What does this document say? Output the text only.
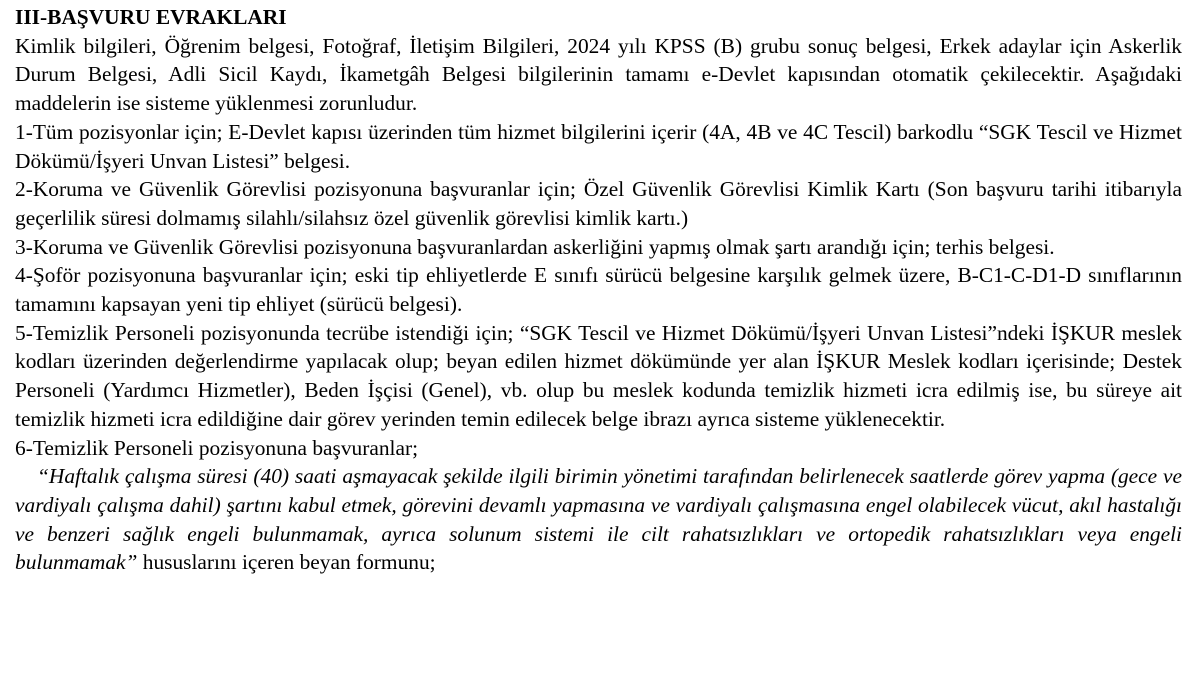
III-BAŞVURU EVRAKLARI

Kimlik bilgileri, Öğrenim belgesi, Fotoğraf, İletişim Bilgileri, 2024 yılı KPSS (B) grubu sonuç belgesi, Erkek adaylar için Askerlik Durum Belgesi, Adli Sicil Kaydı, İkametgâh Belgesi bilgilerinin tamamı e-Devlet kapısından otomatik çekilecektir. Aşağıdaki maddelerin ise sisteme yüklenmesi zorunludur.

1-Tüm pozisyonlar için; E-Devlet kapısı üzerinden tüm hizmet bilgilerini içerir (4A, 4B ve 4C Tescil) barkodlu “SGK Tescil ve Hizmet Dökümü/İşyeri Unvan Listesi” belgesi.

2-Koruma ve Güvenlik Görevlisi pozisyonuna başvuranlar için; Özel Güvenlik Görevlisi Kimlik Kartı (Son başvuru tarihi itibarıyla geçerlilik süresi dolmamış silahlı/silahsız özel güvenlik görevlisi kimlik kartı.)

3-Koruma ve Güvenlik Görevlisi pozisyonuna başvuranlardan askerliğini yapmış olmak şartı arandığı için; terhis belgesi.

4-Şoför pozisyonuna başvuranlar için; eski tip ehliyetlerde E sınıfı sürücü belgesine karşılık gelmek üzere, B-C1-C-D1-D sınıflarının tamamını kapsayan yeni tip ehliyet (sürücü belgesi).

5-Temizlik Personeli pozisyonunda tecrübe istendiği için; “SGK Tescil ve Hizmet Dökümü/İşyeri Unvan Listesi”ndeki İŞKUR meslek kodları üzerinden değerlendirme yapılacak olup; beyan edilen hizmet dökümünde yer alan İŞKUR Meslek kodları içerisinde; Destek Personeli (Yardımcı Hizmetler), Beden İşçisi (Genel), vb. olup bu meslek kodunda temizlik hizmeti icra edilmiş ise, bu süreye ait temizlik hizmeti icra edildiğine dair görev yerinden temin edilecek belge ibrazı ayrıca sisteme yüklenecektir.

6-Temizlik Personeli pozisyonuna başvuranlar;

“Haftalık çalışma süresi (40) saati aşmayacak şekilde ilgili birimin yönetimi tarafından belirlenecek saatlerde görev yapma (gece ve vardiyalı çalışma dahil) şartını kabul etmek, görevini devamlı yapmasına ve vardiyalı çalışmasına engel olabilecek vücut, akıl hastalığı ve benzeri sağlık engeli bulunmamak, ayrıca solunum sistemi ile cilt rahatsızlıkları ve ortopedik rahatsızlıkları veya engeli bulunmamak” hususlarını içeren beyan formunu;
